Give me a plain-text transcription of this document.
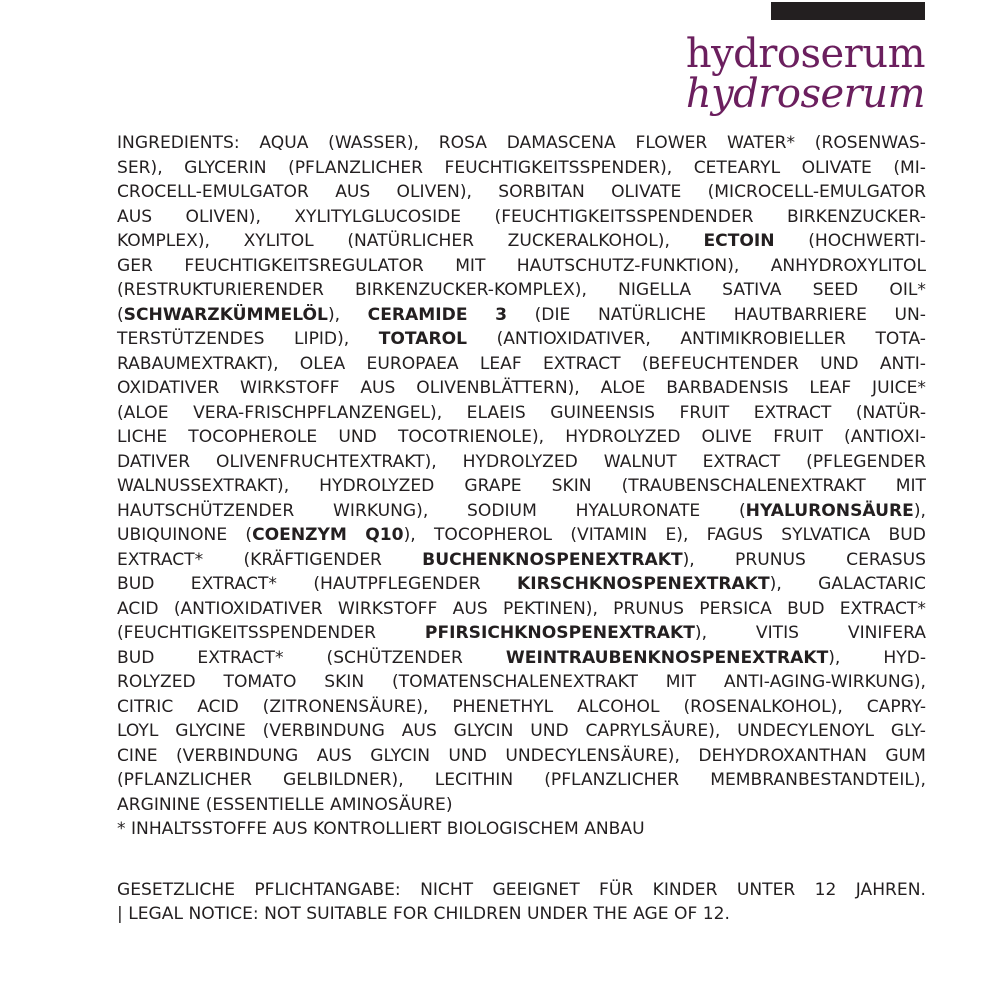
hydroserum
hydroserum
INGREDIENTS: AQUA (WASSER), ROSA DAMASCENA FLOWER WATER* (ROSENWAS-
SER), GLYCERIN (PFLANZLICHER FEUCHTIGKEITSSPENDER), CETEARYL OLIVATE (MI-
CROCELL-EMULGATOR AUS OLIVEN), SORBITAN OLIVATE (MICROCELL-EMULGATOR
AUS OLIVEN), XYLITYLGLUCOSIDE (FEUCHTIGKEITSSPENDENDER BIRKENZUCKER-
KOMPLEX), XYLITOL (NATÜRLICHER ZUCKERALKOHOL), ECTOIN (HOCHWERTI-
GER FEUCHTIGKEITSREGULATOR MIT HAUTSCHUTZ-FUNKTION), ANHYDROXYLITOL
(RESTRUKTURIERENDER BIRKENZUCKER-KOMPLEX), NIGELLA SATIVA SEED OIL*
(SCHWARZKÜMMELÖL), CERAMIDE 3 (DIE NATÜRLICHE HAUTBARRIERE UN-
TERSTÜTZENDES LIPID), TOTAROL (ANTIOXIDATIVER, ANTIMIKROBIELLER TOTA-
RABAUMEXTRAKT), OLEA EUROPAEA LEAF EXTRACT (BEFEUCHTENDER UND ANTI-
OXIDATIVER WIRKSTOFF AUS OLIVENBLÄTTERN), ALOE BARBADENSIS LEAF JUICE*
(ALOE VERA-FRISCHPFLANZENGEL), ELAEIS GUINEENSIS FRUIT EXTRACT (NATÜR-
LICHE TOCOPHEROLE UND TOCOTRIENOLE), HYDROLYZED OLIVE FRUIT (ANTIOXI-
DATIVER OLIVENFRUCHTEXTRAKT), HYDROLYZED WALNUT EXTRACT (PFLEGENDER
WALNUSSEXTRAKT), HYDROLYZED GRAPE SKIN (TRAUBENSCHALENEXTRAKT MIT
HAUTSCHÜTZENDER WIRKUNG), SODIUM HYALURONATE (HYALURONSÄURE),
UBIQUINONE (COENZYM Q10), TOCOPHEROL (VITAMIN E), FAGUS SYLVATICA BUD
EXTRACT* (KRÄFTIGENDER BUCHENKNOSPENEXTRAKT), PRUNUS CERASUS
BUD EXTRACT* (HAUTPFLEGENDER KIRSCHKNOSPENEXTRAKT), GALACTARIC
ACID (ANTIOXIDATIVER WIRKSTOFF AUS PEKTINEN), PRUNUS PERSICA BUD EXTRACT*
(FEUCHTIGKEITSSPENDENDER	PFIRSICHKNOSPENEXTRAKT),	VITIS	VINIFERA
BUD	EXTRACT*	(SCHÜTZENDER	WEINTRAUBENKNOSPENEXTRAKT),	HYD-
ROLYZED TOMATO SKIN (TOMATENSCHALENEXTRAKT MIT ANTI-AGING-WIRKUNG),
CITRIC ACID (ZITRONENSÄURE), PHENETHYL ALCOHOL (ROSENALKOHOL), CAPRY-
LOYL GLYCINE (VERBINDUNG AUS GLYCIN UND CAPRYLSÄURE), UNDECYLENOYL GLY-
CINE (VERBINDUNG AUS GLYCIN UND UNDECYLENSÄURE), DEHYDROXANTHAN GUM
(PFLANZLICHER GELBILDNER), LECITHIN (PFLANZLICHER MEMBRANBESTANDTEIL),
ARGININE (ESSENTIELLE AMINOSÄURE)
* INHALTSSTOFFE AUS KONTROLLIERT BIOLOGISCHEM ANBAU
GESETZLICHE PFLICHTANGABE: NICHT GEEIGNET FÜR KINDER UNTER 12 JAHREN.
| LEGAL NOTICE: NOT SUITABLE FOR CHILDREN UNDER THE AGE OF 12.
